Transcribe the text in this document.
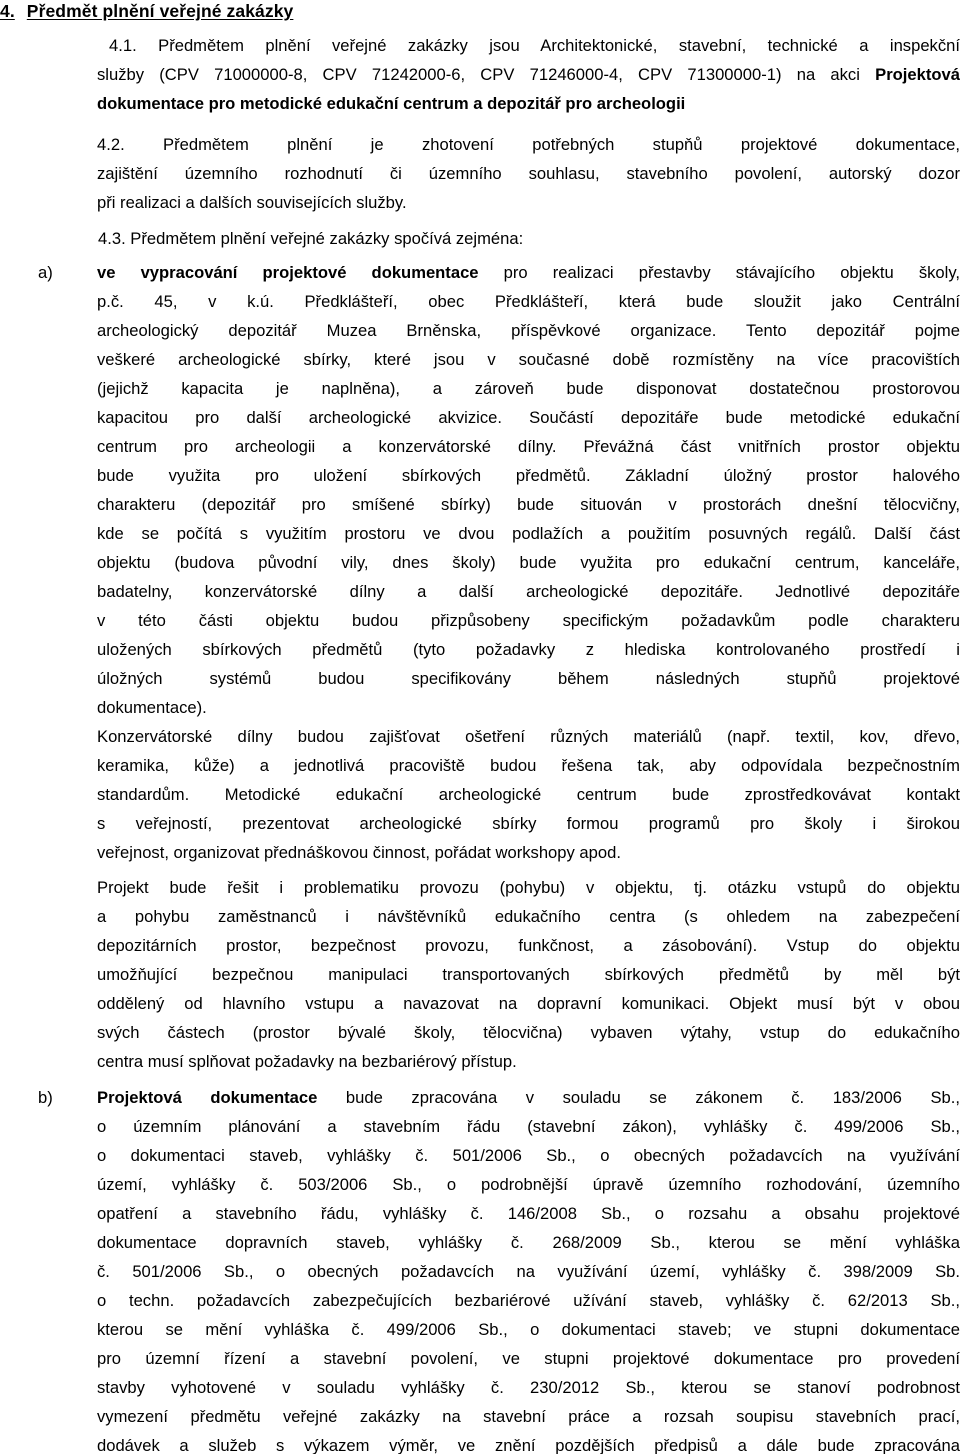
4. Předmět plnění veřejné zakázky
4.1. Předmětem plnění veřejné zakázky jsou Architektonické, stavební, technické a inspekční
služby (CPV 71000000-8, CPV 71242000-6, CPV 71246000-4, CPV 71300000-1) na akci Projektová
dokumentace pro metodické edukační centrum a depozitář pro archeologii
4.2. Předmětem plnění je zhotovení potřebných stupňů projektové dokumentace,
zajištění územního rozhodnutí či územního souhlasu, stavebního povolení, autorský dozor
při realizaci a dalších souvisejících služby.
4.3. Předmětem plnění veřejné zakázky spočívá zejména:
a)	ve vypracování projektové dokumentace pro realizaci přestavby stávajícího objektu školy,
p.č. 45, v k.ú. Předklášteří, obec Předklášteří, která bude sloužit jako Centrální
archeologický depozitář Muzea Brněnska, příspěvkové organizace. Tento depozitář pojme
veškeré archeologické sbírky, které jsou v současné době rozmístěny na více pracovištích
(jejichž kapacita je naplněna), a zároveň bude disponovat dostatečnou prostorovou
kapacitou pro další archeologické akvizice. Součástí depozitáře bude metodické edukační
centrum pro archeologii a konzervátorské dílny. Převážná část vnitřních prostor objektu
bude využita pro uložení sbírkových předmětů. Základní úložný prostor halového
charakteru (depozitář pro smíšené sbírky) bude situován v prostorách dnešní tělocvičny,
kde se počítá s využitím prostoru ve dvou podlažích a použitím posuvných regálů. Další část
objektu (budova původní vily, dnes školy) bude využita pro edukační centrum, kanceláře,
badatelny, konzervátorské dílny a další archeologické depozitáře. Jednotlivé depozitáře
v této části objektu budou přizpůsobeny specifickým požadavkům podle charakteru
uložených sbírkových předmětů (tyto požadavky z hlediska kontrolovaného prostředí i
úložných systémů budou specifikovány během následných stupňů projektové
dokumentace).
Konzervátorské dílny budou zajišťovat ošetření různých materiálů (např. textil, kov, dřevo,
keramika, kůže) a jednotlivá pracoviště budou řešena tak, aby odpovídala bezpečnostním
standardům. Metodické edukační archeologické centrum bude zprostředkovávat kontakt
s veřejností, prezentovat archeologické sbírky formou programů pro školy i širokou
veřejnost, organizovat přednáškovou činnost, pořádat workshopy apod.
Projekt bude řešit i problematiku provozu (pohybu) v objektu, tj. otázku vstupů do objektu
a pohybu zaměstnanců i návštěvníků edukačního centra (s ohledem na zabezpečení
depozitárních prostor, bezpečnost provozu, funkčnost, a zásobování). Vstup do objektu
umožňující bezpečnou manipulaci transportovaných sbírkových předmětů by měl být
oddělený od hlavního vstupu a navazovat na dopravní komunikaci. Objekt musí být v obou
svých částech (prostor bývalé školy, tělocvična) vybaven výtahy, vstup do edukačního
centra musí splňovat požadavky na bezbariérový přístup.
b)	Projektová dokumentace bude zpracována v souladu se zákonem č. 183/2006 Sb.,
o územním plánování a stavebním řádu (stavební zákon), vyhlášky č. 499/2006 Sb.,
o dokumentaci staveb, vyhlášky č. 501/2006 Sb., o obecných požadavcích na využívání
území, vyhlášky č. 503/2006 Sb., o podrobnější úpravě územního rozhodování, územního
opatření a stavebního řádu, vyhlášky č. 146/2008 Sb., o rozsahu a obsahu projektové
dokumentace dopravních staveb, vyhlášky č. 268/2009 Sb., kterou se mění vyhláška
č. 501/2006 Sb., o obecných požadavcích na využívání území, vyhlášky č. 398/2009 Sb.
o techn. požadavcích zabezpečujících bezbariérové užívání staveb, vyhlášky č. 62/2013 Sb.,
kterou se mění vyhláška č. 499/2006 Sb., o dokumentaci staveb; ve stupni dokumentace
pro územní řízení a stavební povolení, ve stupni projektové dokumentace pro provedení
stavby vyhotovené v souladu vyhlášky č. 230/2012 Sb., kterou se stanoví podrobnost
vymezení předmětu veřejné zakázky na stavební práce a rozsah soupisu stavebních prací,
dodávek a služeb s výkazem výměr, ve znění pozdějších předpisů a dále bude zpracována
